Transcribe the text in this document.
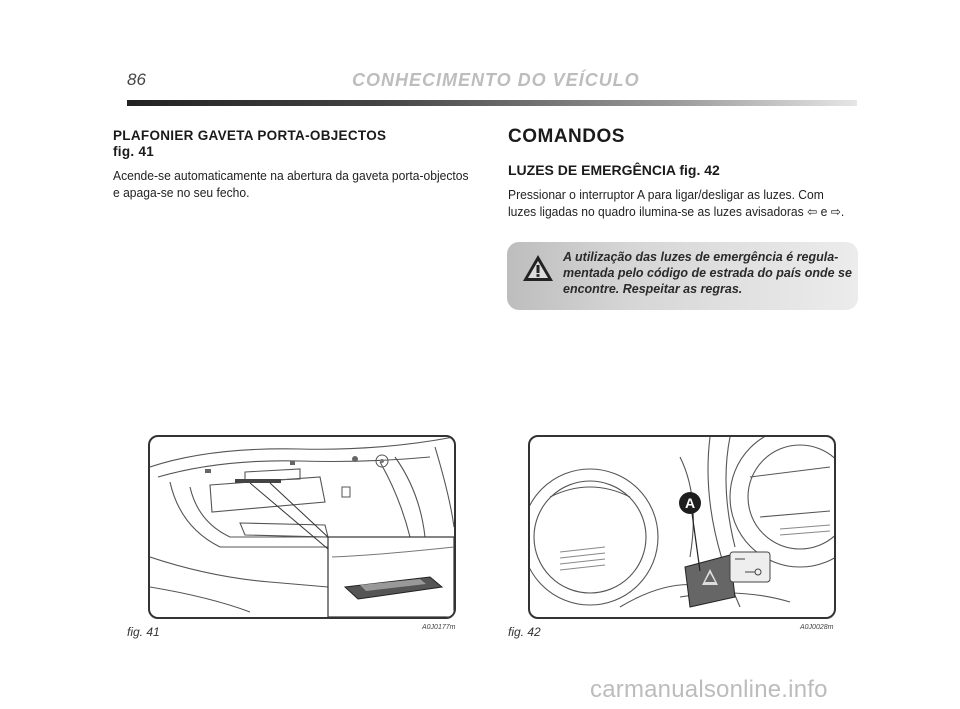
86	CONHECIMENTO DO VEÍCULO
PLAFONIER GAVETA PORTA-OBJECTOS
fig. 41
Acende-se automaticamente na abertura da gaveta porta-objectos
e apaga-se no seu fecho.
COMANDOS
LUZES DE EMERGÊNCIA fig. 42
Pressionar o interruptor A para ligar/desligar as luzes. Com
luzes ligadas no quadro ilumina-se as luzes avisadoras ⇦ e ⇨.
A utilização das luzes de emergência é regula-
mentada pelo código de estrada do país onde se
encontre. Respeitar as regras.
fig. 41	A0J0177m
A
fig. 42	A0J0028m
carmanualsonline.info
